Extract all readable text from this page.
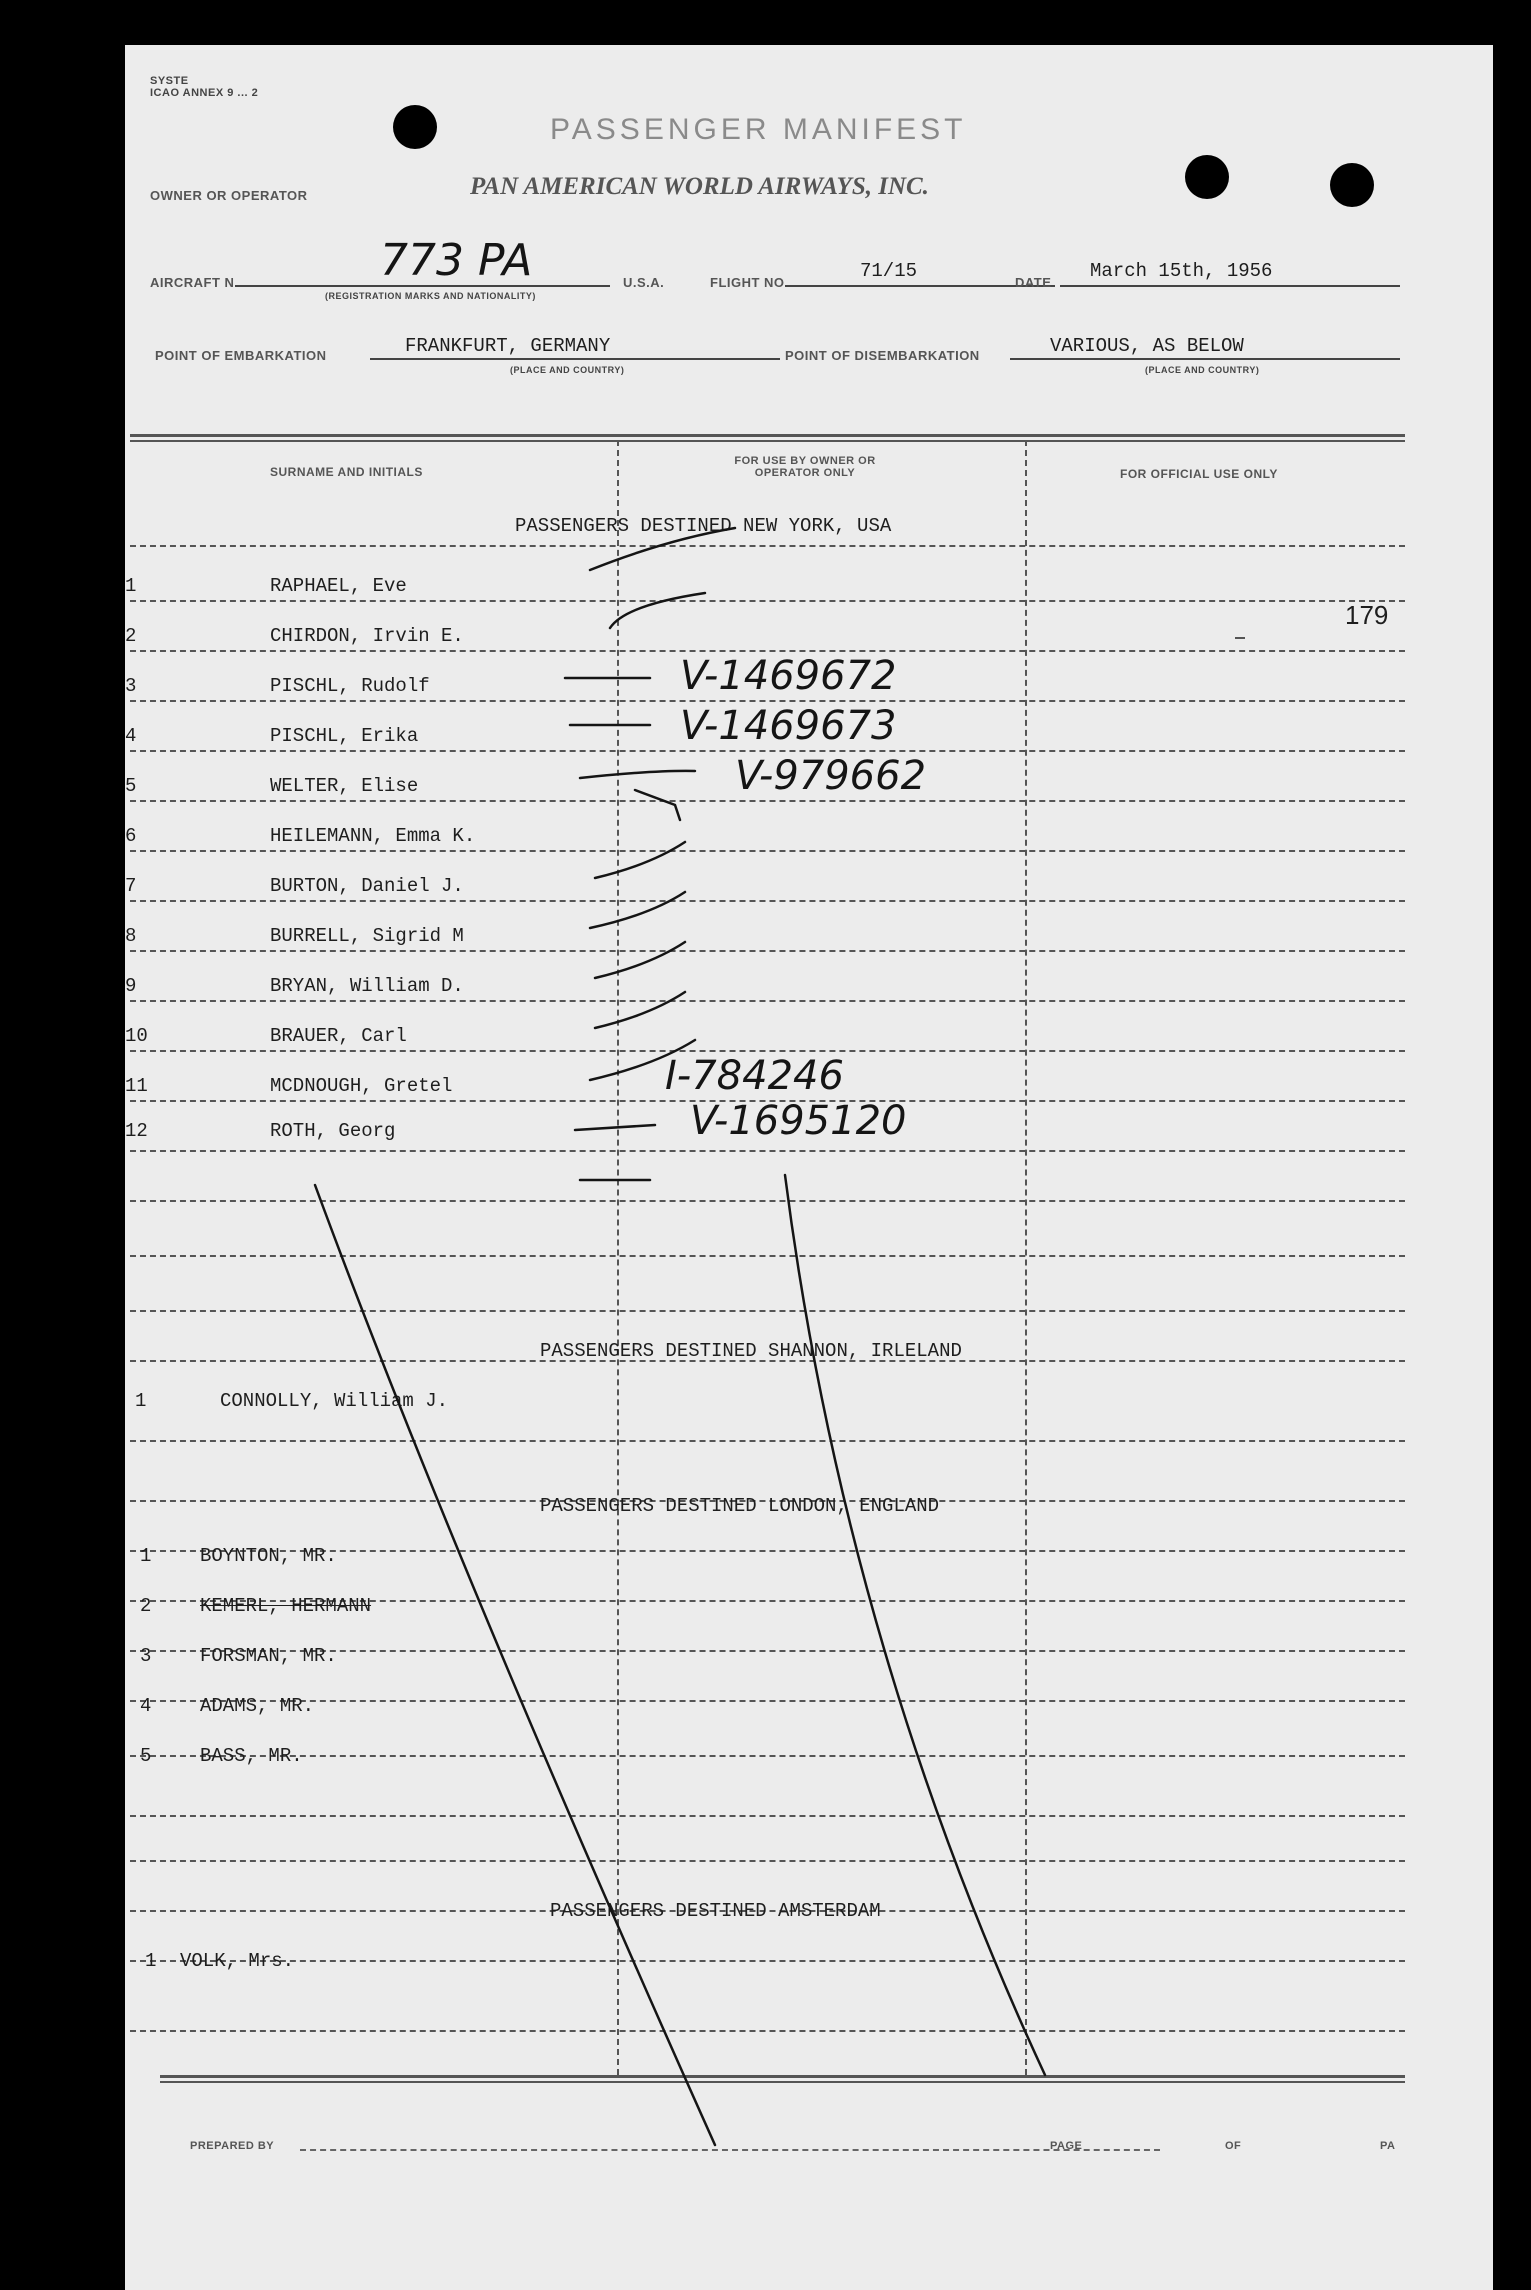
SYSTE
ICAO ANNEX 9 ... 2
PASSENGER MANIFEST
OWNER OR OPERATOR	PAN AMERICAN WORLD AIRWAYS, INC.
AIRCRAFT N	773 PA
(REGISTRATION MARKS AND NATIONALITY)
U.S.A.	FLIGHT NO.
71/15
DATE
March 15th, 1956
POINT OF EMBARKATION	FRANKFURT, GERMANY
(PLACE AND COUNTRY)
POINT OF DISEMBARKATION	VARIOUS, AS BELOW
(PLACE AND COUNTRY)
SURNAME AND INITIALS
FOR USE BY OWNER OR OPERATOR ONLY	FOR OFFICIAL USE ONLY
PASSENGERS DESTINED NEW YORK, USA
PASSENGERS DESTINED SHANNON, IRLELAND
PASSENGERS DESTINED LONDON, ENGLAND
PASSENGERS DESTINED AMSTERDAM
1	RAPHAEL, Eve
2	CHIRDON, Irvin E.
3	PISCHL, Rudolf	V-1469672
4	PISCHL, Erika	V-1469673
5	WELTER, Elise	V-979662
6	HEILEMANN, Emma K.
7	BURTON, Daniel J.
8	BURRELL, Sigrid M
9	BRYAN, William D.
10	BRAUER, Carl
11	MCDNOUGH, Gretel	I-784246
12	ROTH, Georg	V-1695120
1	CONNOLLY, William J.
1	BOYNTON, MR.
2	KEMERL, HERMANN
3	FORSMAN, MR.
4	ADAMS, MR.
5	BASS, MR.
1 VOLK, Mrs.
179
PREPARED BY	PAGE	OF	PA
